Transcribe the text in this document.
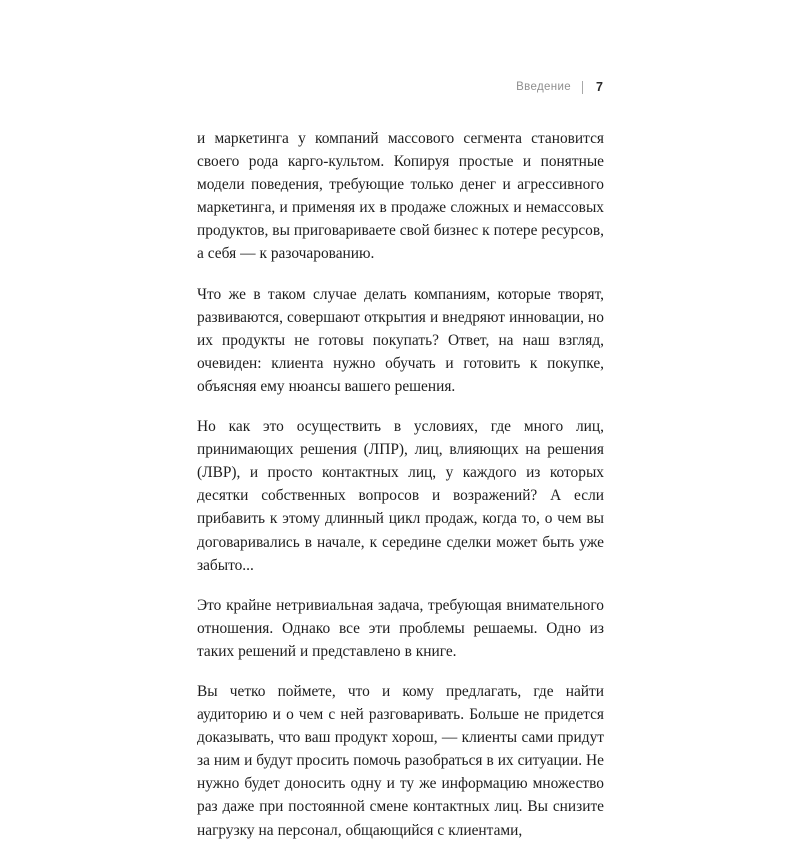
Введение 7

и маркетинга у компаний массового сегмента становится своего рода карго-культом. Копируя простые и понятные модели поведения, требующие только денег и агрессивного маркетинга, и применяя их в продаже сложных и немассовых продуктов, вы приговариваете свой бизнес к потере ресурсов, а себя — к разочарованию.

Что же в таком случае делать компаниям, которые творят, развиваются, совершают открытия и внедряют инновации, но их продукты не готовы покупать? Ответ, на наш взгляд, очевиден: клиента нужно обучать и готовить к покупке, объясняя ему нюансы вашего решения.

Но как это осуществить в условиях, где много лиц, принимающих решения (ЛПР), лиц, влияющих на решения (ЛВР), и просто контактных лиц, у каждого из которых десятки собственных вопросов и возражений? А если прибавить к этому длинный цикл продаж, когда то, о чем вы договаривались в начале, к середине сделки может быть уже забыто...

Это крайне нетривиальная задача, требующая внимательного отношения. Однако все эти проблемы решаемы. Одно из таких решений и представлено в книге.

Вы четко поймете, что и кому предлагать, где найти аудиторию и о чем с ней разговаривать. Больше не придется доказывать, что ваш продукт хорош, — клиенты сами придут за ним и будут просить помочь разобраться в их ситуации. Не нужно будет доносить одну и ту же информацию множество раз даже при постоянной смене контактных лиц. Вы снизите нагрузку на персонал, общающийся с клиентами,
